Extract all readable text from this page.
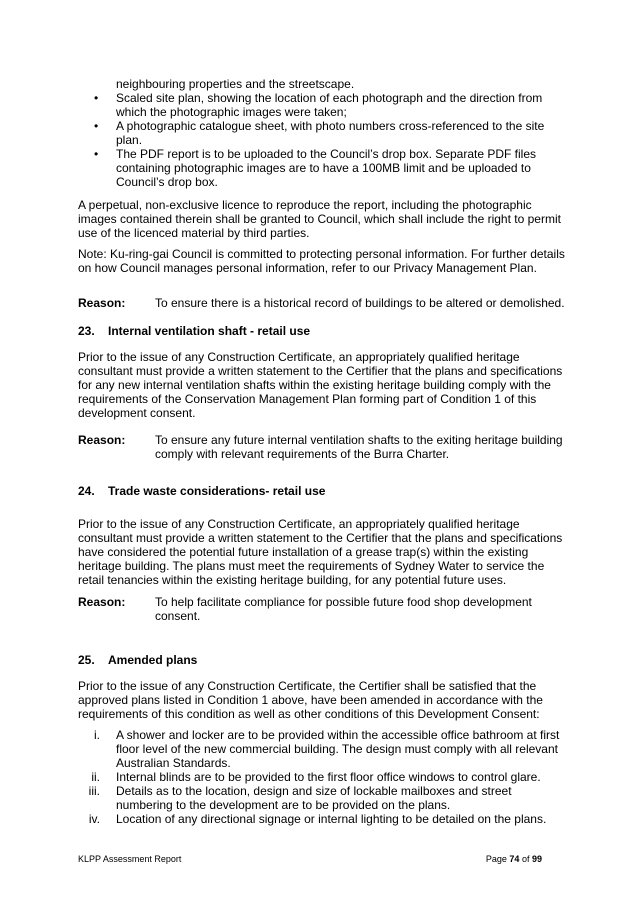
neighbouring properties and the streetscape.
• Scaled site plan, showing the location of each photograph and the direction from which the photographic images were taken;
• A photographic catalogue sheet, with photo numbers cross-referenced to the site plan.
• The PDF report is to be uploaded to the Council’s drop box. Separate PDF files containing photographic images are to have a 100MB limit and be uploaded to Council’s drop box.

A perpetual, non-exclusive licence to reproduce the report, including the photographic images contained therein shall be granted to Council, which shall include the right to permit use of the licenced material by third parties.

Note: Ku-ring-gai Council is committed to protecting personal information. For further details on how Council manages personal information, refer to our Privacy Management Plan.

Reason:	To ensure there is a historical record of buildings to be altered or demolished.
23.	Internal ventilation shaft - retail use

Prior to the issue of any Construction Certificate, an appropriately qualified heritage consultant must provide a written statement to the Certifier that the plans and specifications for any new internal ventilation shafts within the existing heritage building comply with the requirements of the Conservation Management Plan forming part of Condition 1 of this development consent.

Reason:	To ensure any future internal ventilation shafts to the exiting heritage building comply with relevant requirements of the Burra Charter.
24.	Trade waste considerations- retail use

Prior to the issue of any Construction Certificate, an appropriately qualified heritage consultant must provide a written statement to the Certifier that the plans and specifications have considered the potential future installation of a grease trap(s) within the existing heritage building. The plans must meet the requirements of Sydney Water to service the retail tenancies within the existing heritage building, for any potential future uses.

Reason:	To help facilitate compliance for possible future food shop development consent.
25.	Amended plans

Prior to the issue of any Construction Certificate, the Certifier shall be satisfied that the approved plans listed in Condition 1 above, have been amended in accordance with the requirements of this condition as well as other conditions of this Development Consent:

i. A shower and locker are to be provided within the accessible office bathroom at first floor level of the new commercial building. The design must comply with all relevant Australian Standards.
ii. Internal blinds are to be provided to the first floor office windows to control glare.
iii. Details as to the location, design and size of lockable mailboxes and street numbering to the development are to be provided on the plans.
iv. Location of any directional signage or internal lighting to be detailed on the plans.
KLPP Assessment Report	Page 74 of 99
